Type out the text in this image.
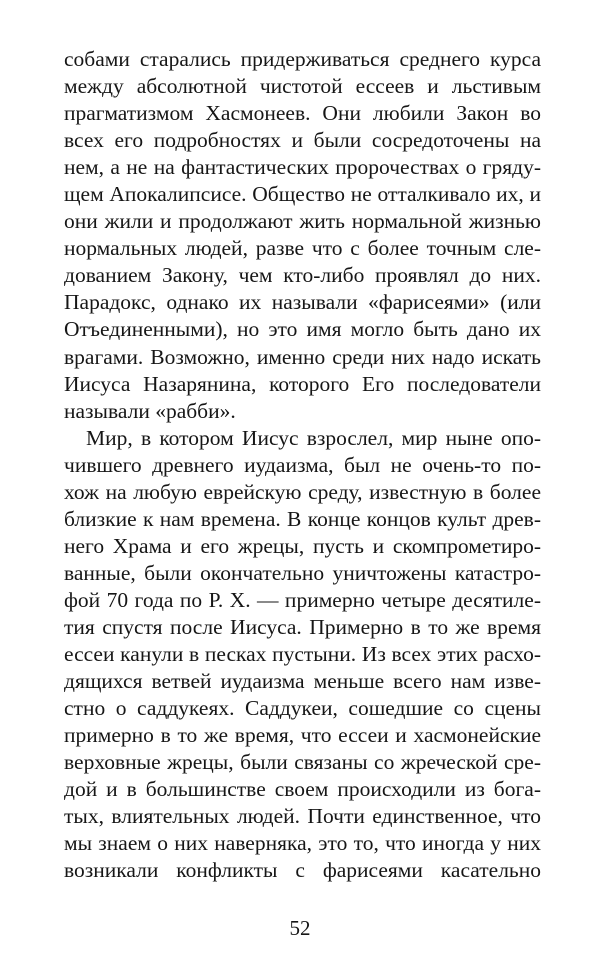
собами старались придерживаться среднего курса
между абсолютной чистотой ессеев и льстивым
прагматизмом Хасмонеев. Они любили Закон во
всех его подробностях и были сосредоточены на
нем, а не на фантастических пророчествах о гряду-
щем Апокалипсисе. Общество не отталкивало их, и
они жили и продолжают жить нормальной жизнью
нормальных людей, разве что с более точным сле-
дованием Закону, чем кто-либо проявлял до них.
Парадокс, однако их называли «фарисеями» (или
Отъединенными), но это имя могло быть дано их
врагами. Возможно, именно среди них надо искать
Иисуса Назарянина, которого Его последователи
называли «рабби».
Мир, в котором Иисус взрослел, мир ныне опо-
чившего древнего иудаизма, был не очень-то по-
хож на любую еврейскую среду, известную в более
близкие к нам времена. В конце концов культ древ-
него Храма и его жрецы, пусть и скомпрометиро-
ванные, были окончательно уничтожены катастро-
фой 70 года по Р. Х. — примерно четыре десятиле-
тия спустя после Иисуса. Примерно в то же время
ессеи канули в песках пустыни. Из всех этих расхо-
дящихся ветвей иудаизма меньше всего нам изве-
стно о саддукеях. Саддукеи, сошедшие со сцены
примерно в то же время, что ессеи и хасмонейские
верховные жрецы, были связаны со жреческой сре-
дой и в большинстве своем происходили из бога-
тых, влиятельных людей. Почти единственное, что
мы знаем о них наверняка, это то, что иногда у них
возникали конфликты с фарисеями касательно
52
